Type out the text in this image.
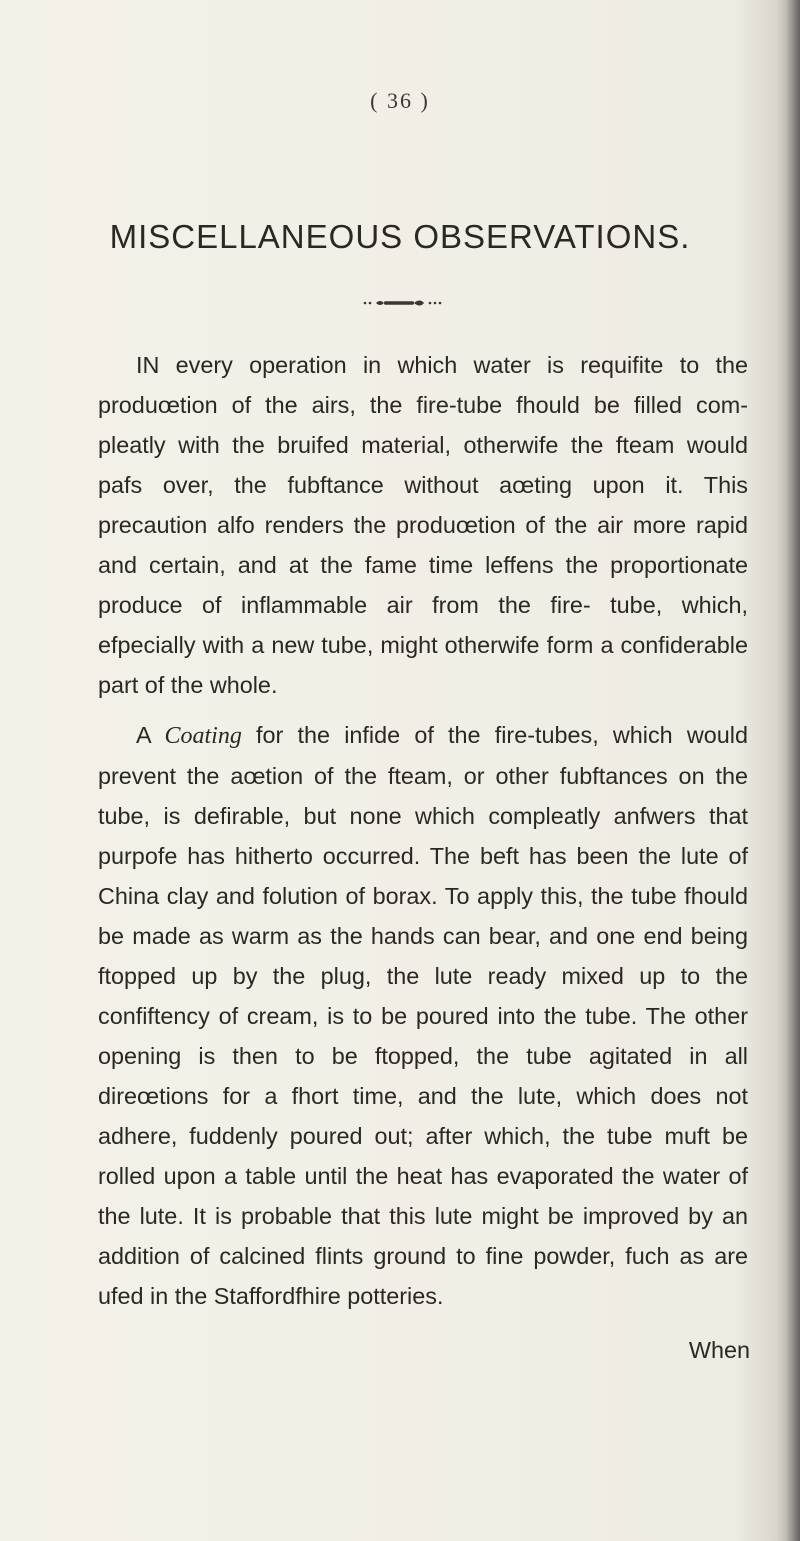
( 36 )
MISCELLANEOUS OBSERVATIONS.

IN every operation in which water is requifite to the produœtion of the airs, the fire-tube fhould be filled com- pleatly with the bruifed material, otherwife the fteam would pafs over, the fubftance without aœting upon it. This precaution alfo renders the produœtion of the air more rapid and certain, and at the fame time leffens the proportionate produce of inflammable air from the fire- tube, which, efpecially with a new tube, might otherwife form a confiderable part of the whole.

A Coating for the infide of the fire-tubes, which would prevent the aœtion of the fteam, or other fubftances on the tube, is defirable, but none which compleatly anfwers that purpofe has hitherto occurred. The beft has been the lute of China clay and folution of borax. To apply this, the tube fhould be made as warm as the hands can bear, and one end being ftopped up by the plug, the lute ready mixed up to the confiftency of cream, is to be poured into the tube. The other opening is then to be ftopped, the tube agitated in all direœtions for a fhort time, and the lute, which does not adhere, fuddenly poured out; after which, the tube muft be rolled upon a table until the heat has evaporated the water of the lute. It is probable that this lute might be improved by an addition of calcined flints ground to fine powder, fuch as are ufed in the Staffordfhire potteries.

When
